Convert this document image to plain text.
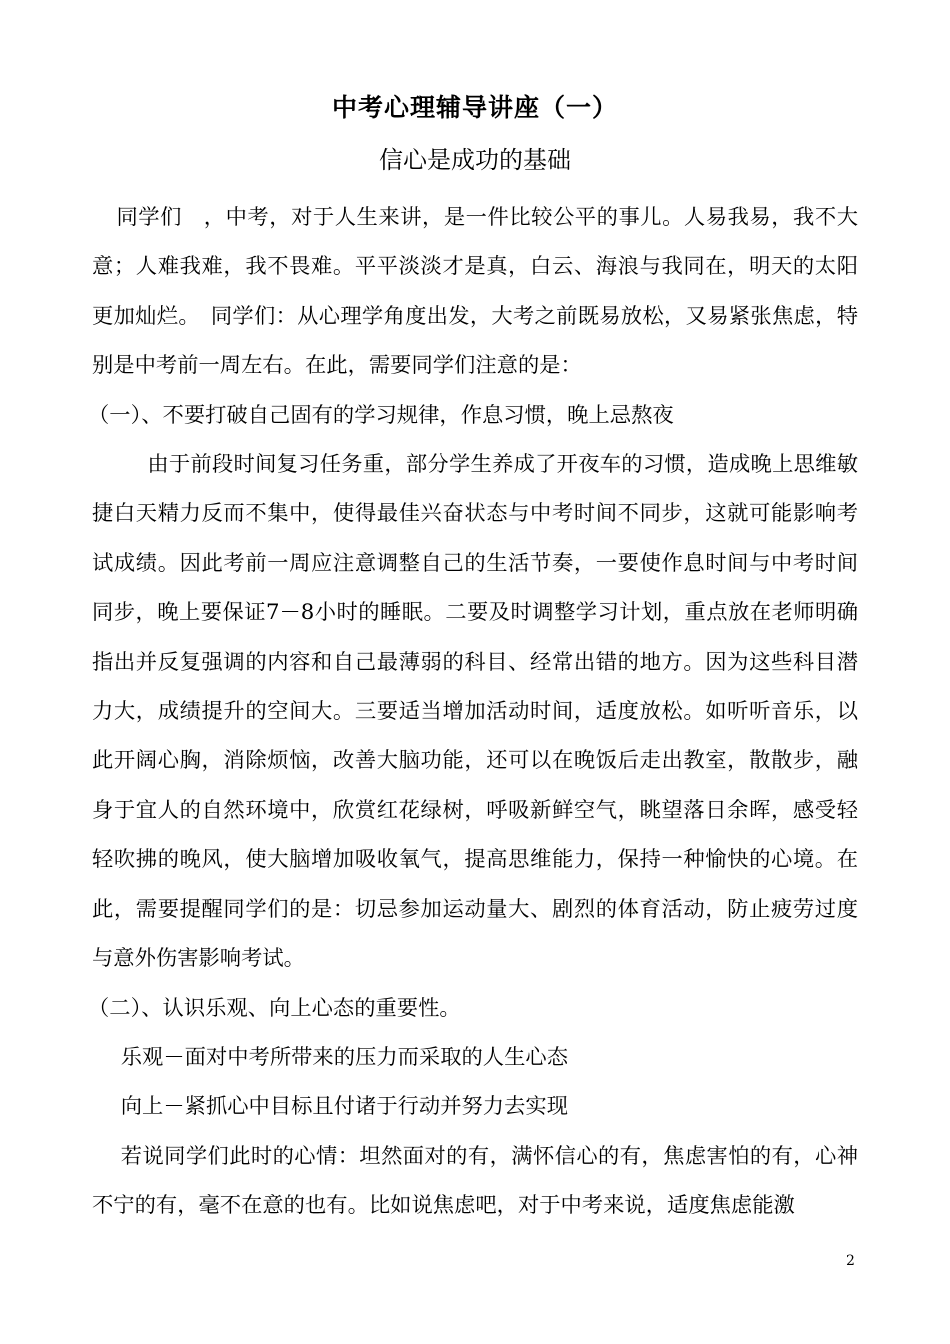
中考心理辅导讲座（一）
信心是成功的基础

同学们　，中考，对于人生来讲，是一件比较公平的事儿。人易我易，我不大意；人难我难，我不畏难。平平淡淡才是真，白云、海浪与我同在，明天的太阳更加灿烂。　同学们：从心理学角度出发，大考之前既易放松，又易紧张焦虑，特别是中考前一周左右。在此，需要同学们注意的是：

（一）、不要打破自己固有的学习规律，作息习惯，晚上忌熬夜

由于前段时间复习任务重，部分学生养成了开夜车的习惯，造成晚上思维敏捷白天精力反而不集中，使得最佳兴奋状态与中考时间不同步，这就可能影响考试成绩。因此考前一周应注意调整自己的生活节奏，一要使作息时间与中考时间同步，晚上要保证7－8小时的睡眠。二要及时调整学习计划，重点放在老师明确指出并反复强调的内容和自己最薄弱的科目、经常出错的地方。因为这些科目潜力大，成绩提升的空间大。三要适当增加活动时间，适度放松。如听听音乐，以此开阔心胸，消除烦恼，改善大脑功能，还可以在晚饭后走出教室，散散步，融身于宜人的自然环境中，欣赏红花绿树，呼吸新鲜空气，眺望落日余晖，感受轻轻吹拂的晚风，使大脑增加吸收氧气，提高思维能力，保持一种愉快的心境。在此，需要提醒同学们的是：切忌参加运动量大、剧烈的体育活动，防止疲劳过度与意外伤害影响考试。

（二）、认识乐观、向上心态的重要性。

乐观－面对中考所带来的压力而采取的人生心态

向上－紧抓心中目标且付诸于行动并努力去实现

若说同学们此时的心情：坦然面对的有，满怀信心的有，焦虑害怕的有，心神不宁的有，毫不在意的也有。比如说焦虑吧，对于中考来说，适度焦虑能激

2
